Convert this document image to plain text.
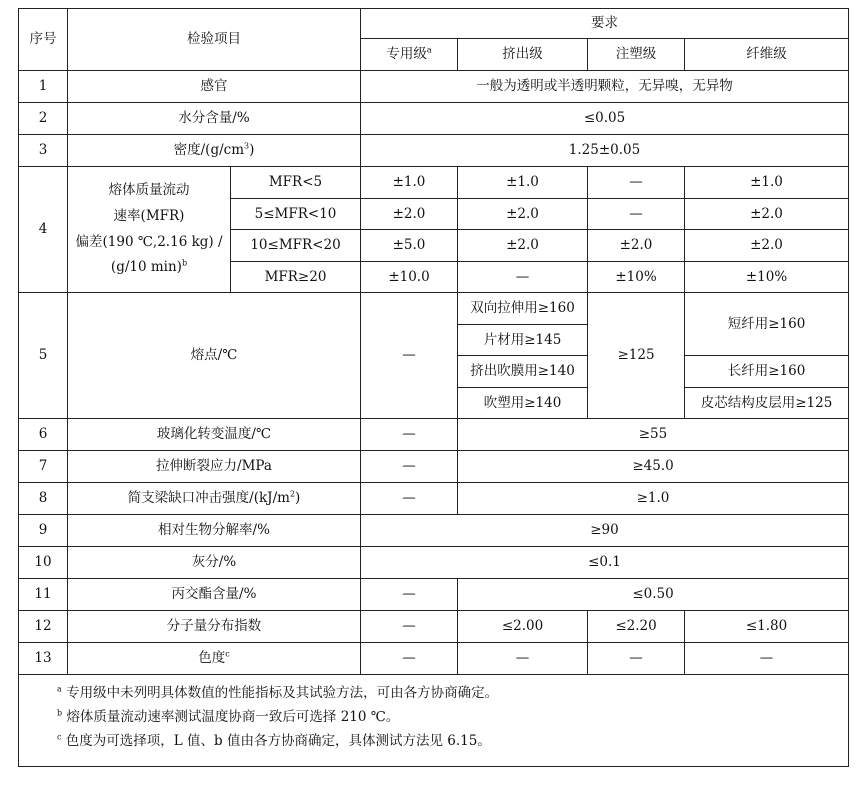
序号	检验项目		要求			
			专用级$^a$	挤出级	注塑级	纤维级
1	感官		一般为透明或半透明颗粒，无异嗅，无异物			
2	水分含量/%		≤0.05			
3	密度$/(g/cm^3)$		1.25±0.05			
4	熔体质量流动
速率(MFR)
偏差(190 ℃,2.16 kg) /
(g/10 min)$^b$	MFR<5	±1.0	±1.0	—	±1.0
		5≤MFR<10	±2.0	±2.0	—	±2.0
		10≤MFR<20	±5.0	±2.0	±2.0	±2.0
		MFR≥20	±10.0	—	±10%	±10%
5	熔点/℃		—	双向拉伸用≥160	≥125	短纤用≥160
				片材用≥145		
				挤出吹膜用≥140		长纤用≥160
				吹塑用≥140		皮芯结构皮层用≥125
6	玻璃化转变温度/℃		—	≥55		
7	拉伸断裂应力/MPa		—	≥45.0		
8	简支梁缺口冲击强度$/(kJ/m^2)$		—	≥1.0		
9	相对生物分解率/%		≥90			
10	灰分/%		≤0.1			
11	丙交酯含量/%		—	≤0.50		
12	分子量分布指数		—	≤2.00	≤2.20	≤1.80
13	色度$^c$		—	—	—	—

$^a$ 专用级中未列明具体数值的性能指标及其试验方法，可由各方协商确定。
$^b$ 熔体质量流动速率测试温度协商一致后可选择 210 ℃。
$^c$ 色度为可选择项，L 值、b 值由各方协商确定，具体测试方法见 6.15。						
